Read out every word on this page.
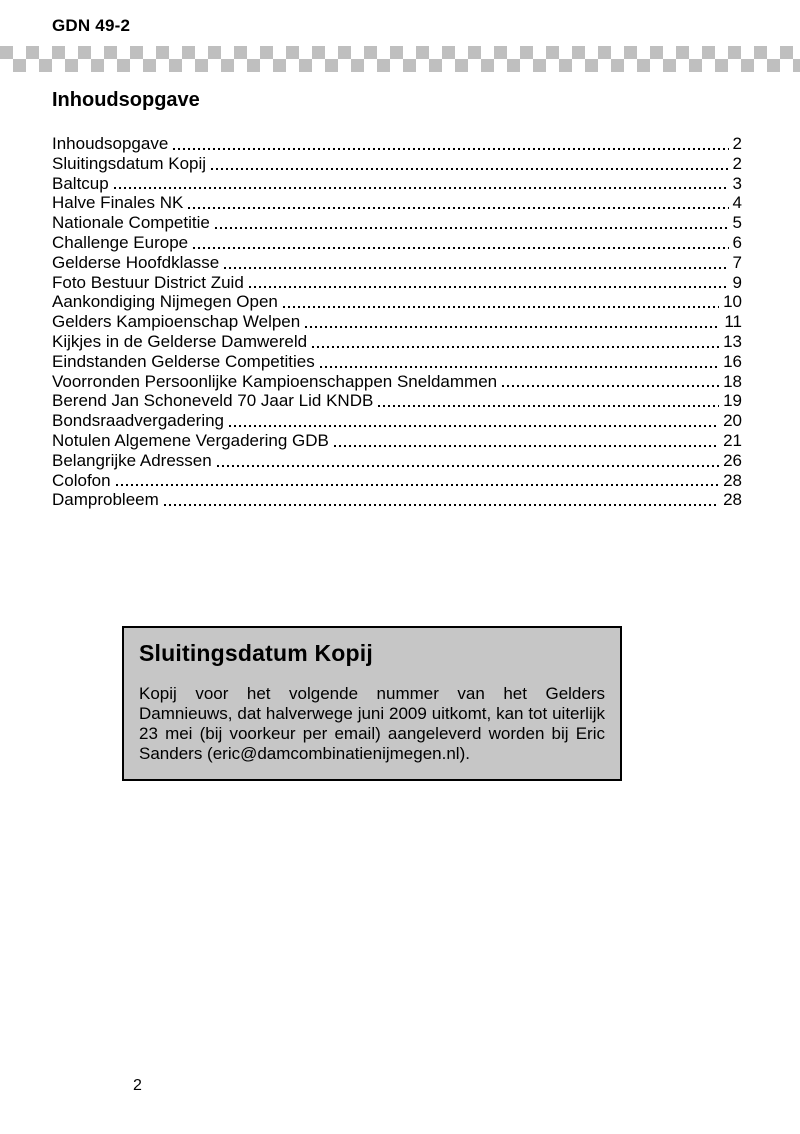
GDN 49-2
Inhoudsopgave
Inhoudsopgave	2
Sluitingsdatum Kopij	2
Baltcup	3
Halve Finales NK	4
Nationale Competitie	5
Challenge Europe	6
Gelderse Hoofdklasse	7
Foto Bestuur District Zuid	9
Aankondiging Nijmegen Open	10
Gelders Kampioenschap Welpen	11
Kijkjes in de Gelderse Damwereld	13
Eindstanden Gelderse Competities	16
Voorronden Persoonlijke Kampioenschappen Sneldammen	18
Berend Jan Schoneveld 70 Jaar Lid KNDB	19
Bondsraadvergadering	20
Notulen Algemene Vergadering GDB	21
Belangrijke Adressen	26
Colofon	28
Damprobleem	28
Sluitingsdatum Kopij

Kopij voor het volgende nummer van het Gelders Damnieuws, dat halverwege juni 2009 uitkomt, kan tot uiterlijk 23 mei (bij voorkeur per email) aangeleverd worden bij Eric Sanders (eric@damcombinatienijmegen.nl).

2
